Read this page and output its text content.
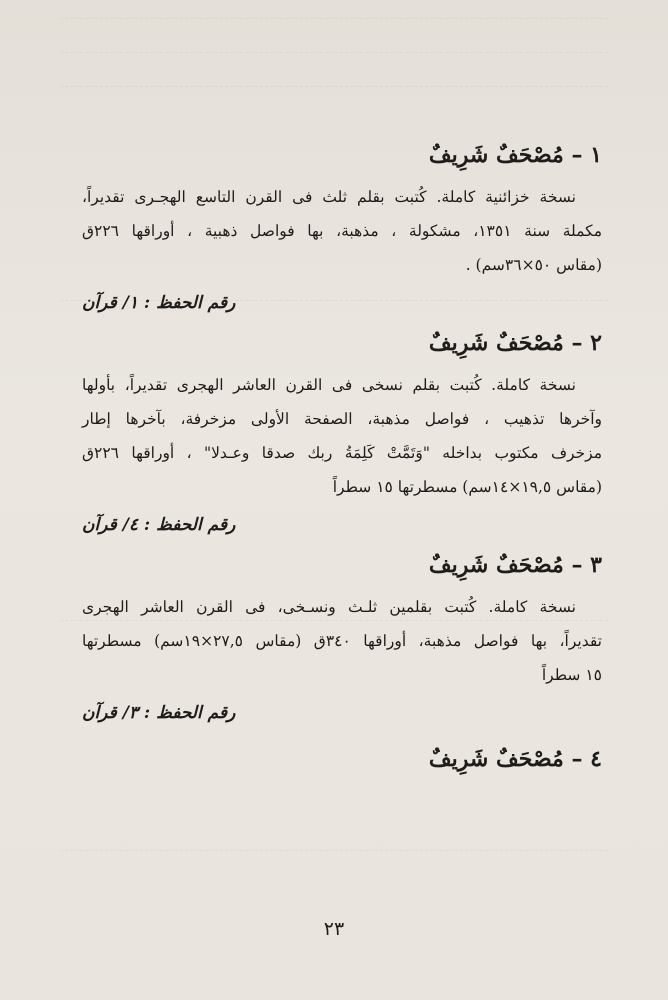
١ – مُصْحَفٌ شَرِيفٌ
نسخة خزائنية كاملة. كُتبت بقلم ثلث فى القرن التاسع الهجـرى تقديراً،
مكملة سنة ١٣٥١، مشكولة ، مذهبة، بها فواصل ذهبية ، أوراقها ٢٢٦ق
(مقاس ٥٠×٣٦سم) .
رقم الحفظ : ١/ قرآن
٢ – مُصْحَفٌ شَرِيفٌ
نسخة كاملة. كُتبت بقلم نسخى فى القرن العاشر الهجرى تقديراً، بأولها
وآخرها تذهيب ، فواصل مذهبة، الصفحة الأولى مزخرفة، بآخرها إطار
مزخرف مكتوب بداخله "وَتَمَّتْ كَلِمَةُ ربك صدقا وعـدلا" ، أوراقها ٢٢٦ق
(مقاس ١٩,٥×١٤سم) مسطرتها ١٥ سطراً
رقم الحفظ : ٤/ قرآن
٣ – مُصْحَفٌ شَرِيفٌ
نسخة كاملة. كُتبت بقلمين ثلـث ونسـخى، فى القرن العاشر الهجرى
تقديراً، بها فواصل مذهبة، أوراقها ٣٤٠ق (مقاس ٢٧,٥×١٩سم) مسطرتها
١٥ سطراً
رقم الحفظ : ٣/ قرآن
٤ – مُصْحَفٌ شَرِيفٌ
٢٣
